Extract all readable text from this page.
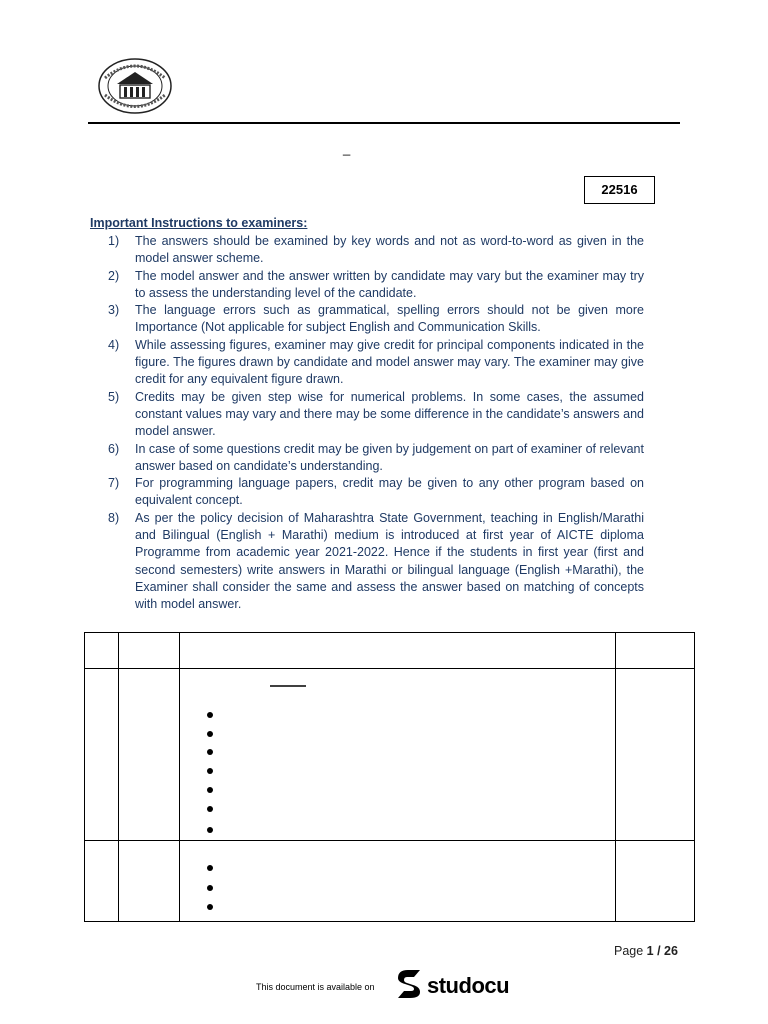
_
22516
Important Instructions to examiners:
1)	The answers should be examined by key words and not as word-to-word as given in the model answer scheme.
2)	The model answer and the answer written by candidate may vary but the examiner may try to assess the understanding level of the candidate.
3)	The language errors such as grammatical, spelling errors should not be given more Importance (Not applicable for subject English and Communication Skills.
4)	While assessing figures, examiner may give credit for principal components indicated in the figure. The figures drawn by candidate and model answer may vary. The examiner may give credit for any equivalent figure drawn.
5)	Credits may be given step wise for numerical problems. In some cases, the assumed constant values may vary and there may be some difference in the candidate’s answers and model answer.
6)	In case of some questions credit may be given by judgement on part of examiner of relevant answer based on candidate’s understanding.
7)	For programming language papers, credit may be given to any other program based on equivalent concept.
8)	As per the policy decision of Maharashtra State Government, teaching in English/Marathi and Bilingual (English + Marathi) medium is introduced at first year of AICTE diploma Programme from academic year 2021-2022. Hence if the students in first year (first and second semesters) write answers in Marathi or bilingual language (English +Marathi), the Examiner shall consider the same and assess the answer based on matching of concepts with model answer.
Page 1 / 26
This document is available on studocu
